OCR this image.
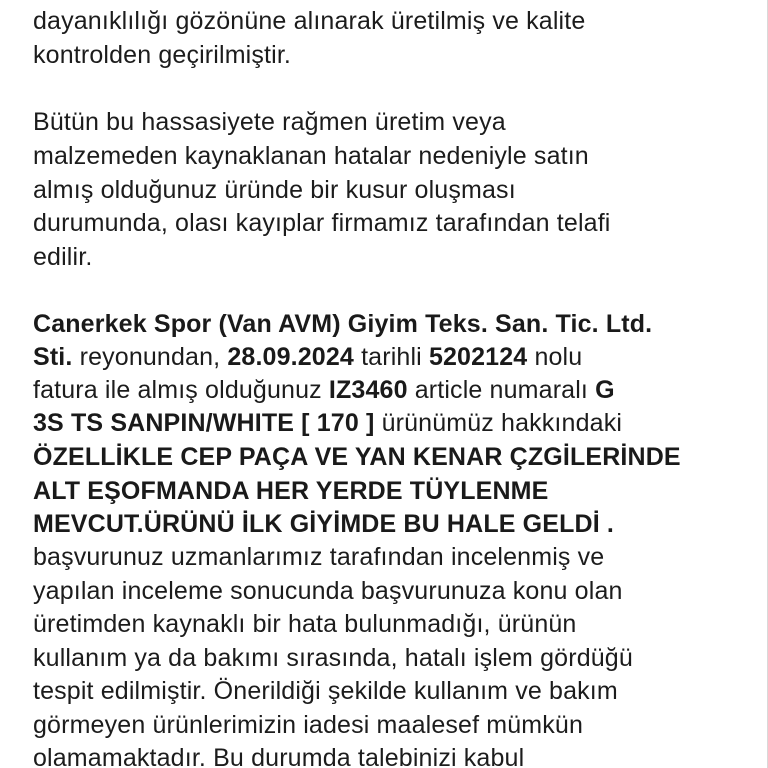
dayanıklılığı gözönüne alınarak üretilmiş ve kalite
kontrolden geçirilmiştir.
Bütün bu hassasiyete rağmen üretim veya
malzemeden kaynaklanan hatalar nedeniyle satın
almış olduğunuz üründe bir kusur oluşması
durumunda, olası kayıplar firmamız tarafından telafi
edilir.
Canerkek Spor (Van AVM) Giyim Teks. San. Tic. Ltd.
Sti. reyonundan, 28.09.2024 tarihli 5202124 nolu
fatura ile almış olduğunuz IZ3460 article numaralı G
3S TS SANPIN/WHITE [ 170 ] ürünümüz hakkındaki
ÖZELLİKLE CEP PAÇA VE YAN KENAR ÇZGİLERİNDE
ALT EŞOFMANDA HER YERDE TÜYLENME
MEVCUT.ÜRÜNÜ İLK GİYİMDE BU HALE GELDİ .
başvurunuz uzmanlarımız tarafından incelenmiş ve
yapılan inceleme sonucunda başvurunuza konu olan
üretimden kaynaklı bir hata bulunmadığı, ürünün
kullanım ya da bakımı sırasında, hatalı işlem gördüğü
tespit edilmiştir. Önerildiği şekilde kullanım ve bakım
görmeyen ürünlerimizin iadesi maalesef mümkün
olamamaktadır. Bu durumda talebinizi kabul
